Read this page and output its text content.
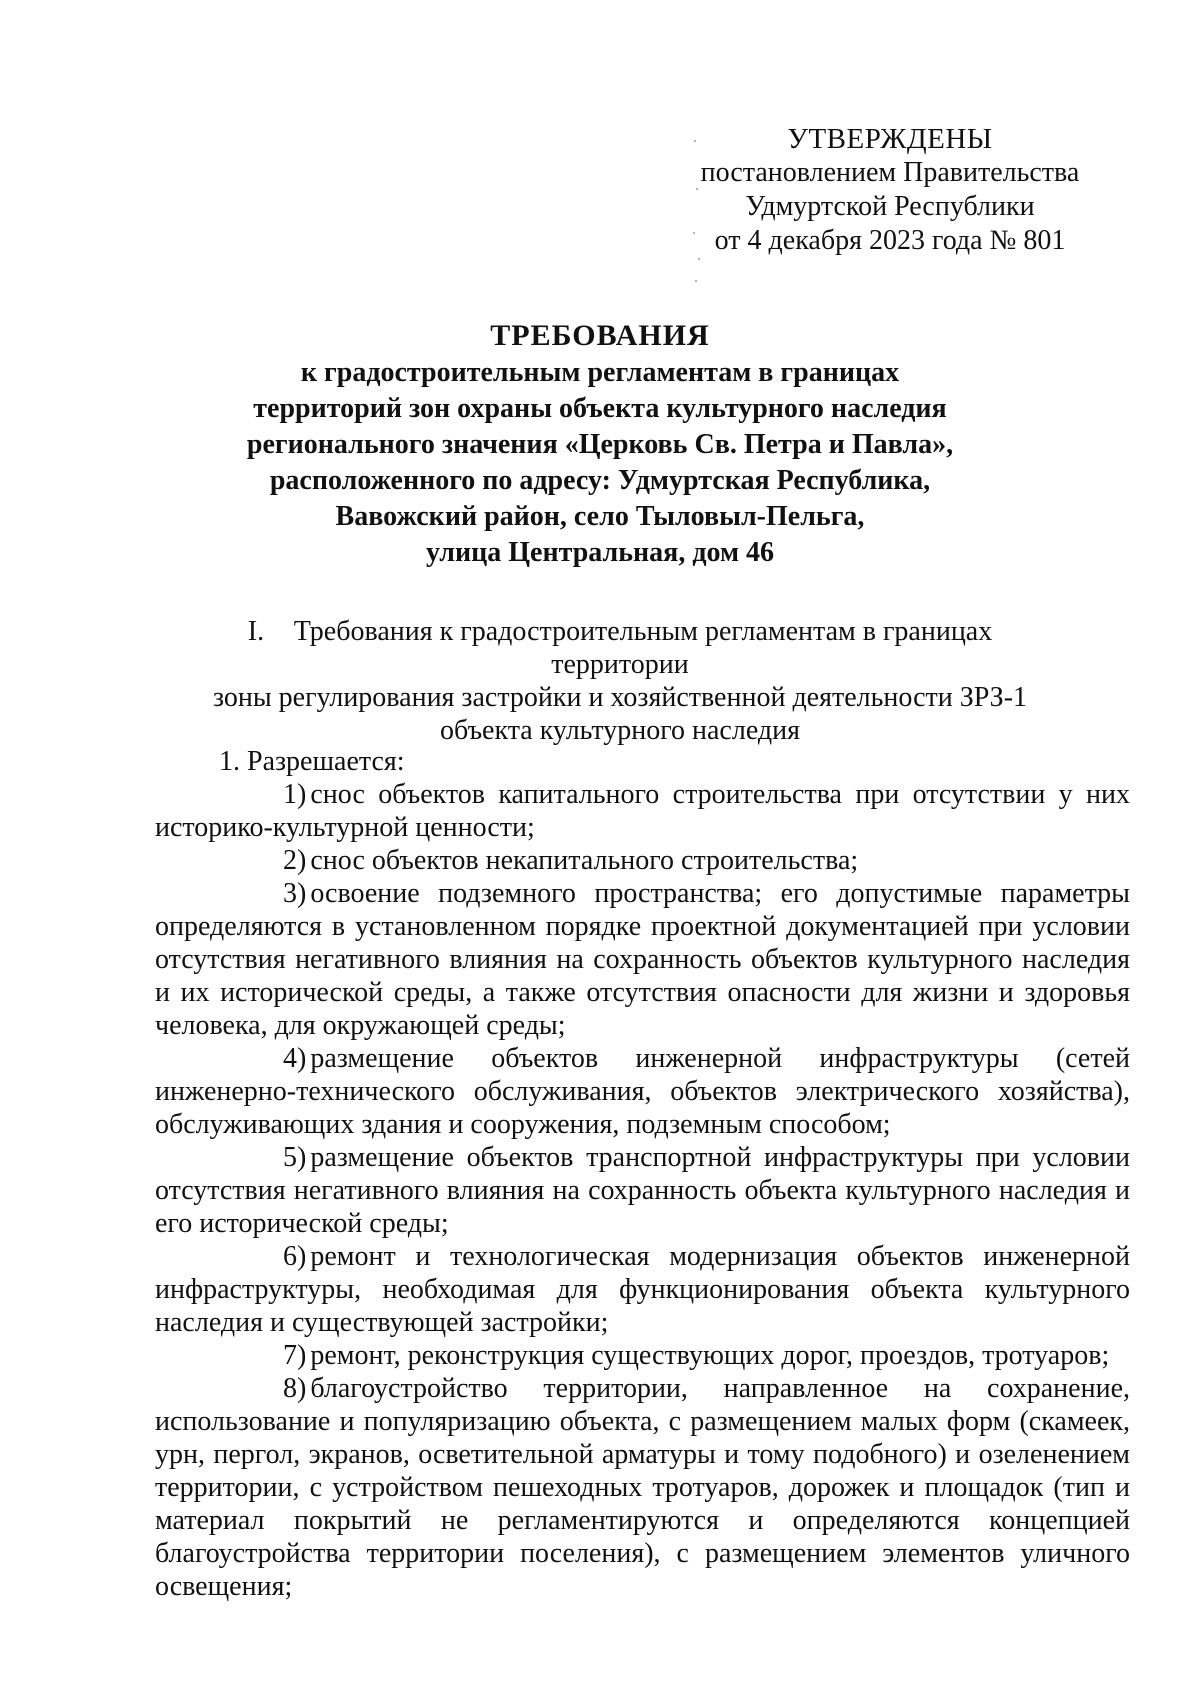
УТВЕРЖДЕНЫ
постановлением Правительства
Удмуртской Республики
от 4 декабря 2023 года № 801
ТРЕБОВАНИЯ
к градостроительным регламентам в границах
территорий зон охраны объекта культурного наследия
регионального значения «Церковь Св. Петра и Павла»,
расположенного по адресу: Удмуртская Республика,
Вавожский район, село Тыловыл-Пельга,
улица Центральная, дом 46
I. Требования к градостроительным регламентам в границах территории
зоны регулирования застройки и хозяйственной деятельности ЗРЗ-1
объекта культурного наследия

1. Разрешается:

1) снос объектов капитального строительства при отсутствии у них историко-культурной ценности;

2) снос объектов некапитального строительства;

3) освоение подземного пространства; его допустимые параметры определяются в установленном порядке проектной документацией при условии отсутствия негативного влияния на сохранность объектов культурного наследия и их исторической среды, а также отсутствия опасности для жизни и здоровья человека, для окружающей среды;

4) размещение объектов инженерной инфраструктуры (сетей инженерно-технического обслуживания, объектов электрического хозяйства), обслуживающих здания и сооружения, подземным способом;

5) размещение объектов транспортной инфраструктуры при условии отсутствия негативного влияния на сохранность объекта культурного наследия и его исторической среды;

6) ремонт и технологическая модернизация объектов инженерной инфраструктуры, необходимая для функционирования объекта культурного наследия и существующей застройки;

7) ремонт, реконструкция существующих дорог, проездов, тротуаров;

8) благоустройство территории, направленное на сохранение, использование и популяризацию объекта, с размещением малых форм (скамеек, урн, пергол, экранов, осветительной арматуры и тому подобного) и озеленением территории, с устройством пешеходных тротуаров, дорожек и площадок (тип и материал покрытий не регламентируются и определяются концепцией благоустройства территории поселения), с размещением элементов уличного освещения;
